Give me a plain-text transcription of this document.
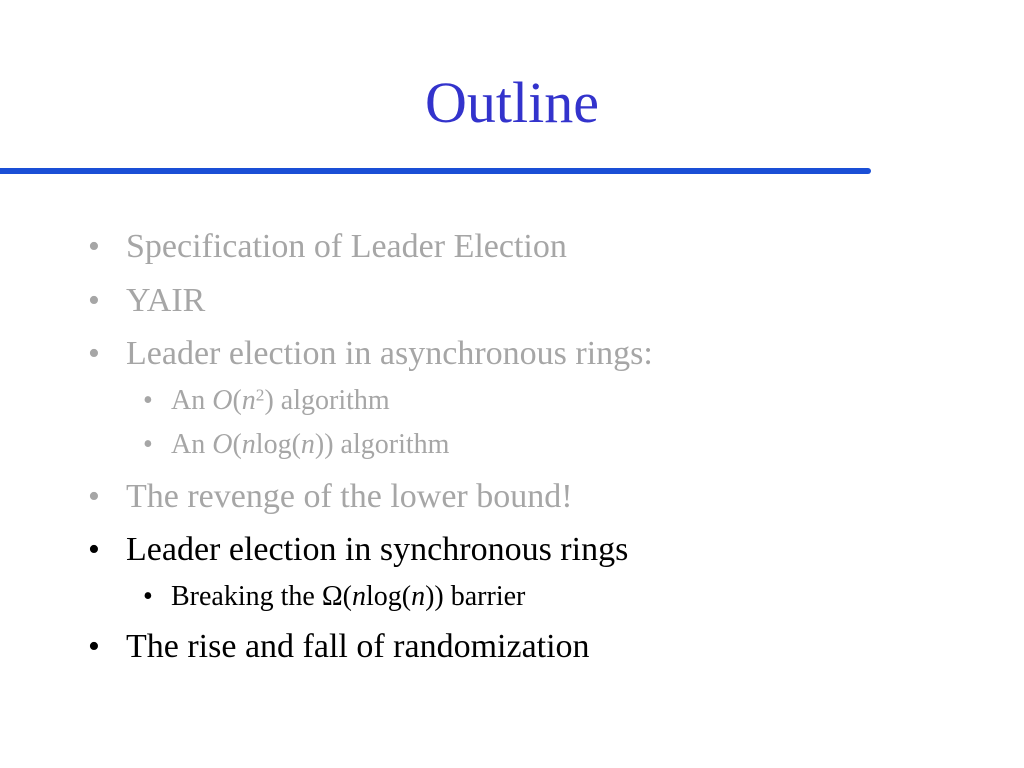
Outline
• Specification of Leader Election
• YAIR
• Leader election in asynchronous rings:
• An $O(n^2)$ algorithm
• An O(nlog(n)) algorithm
• The revenge of the lower bound!
• Leader election in synchronous rings
• Breaking the Ω(nlog(n)) barrier
• The rise and fall of randomization
